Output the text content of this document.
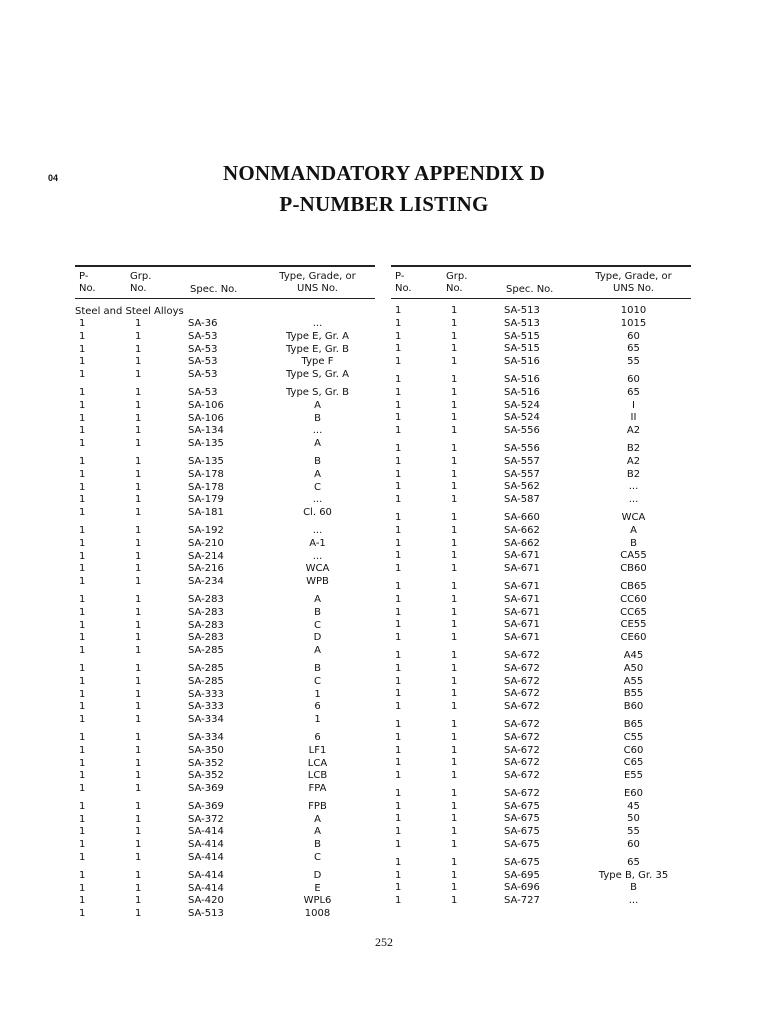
04	NONMANDATORY APPENDIX D
P-NUMBER LISTING
P-
No.
Grp.
No.	Spec. No.
Type, Grade, or
UNS No.
Steel and Steel Alloys
1	1	SA-36	...
1	1	SA-53	Type E, Gr. A
1	1	SA-53	Type E, Gr. B
1	1	SA-53	Type F
1	1	SA-53	Type S, Gr. A
1	1	SA-53	Type S, Gr. B
1	1	SA-106	A
1	1	SA-106	B
1	1	SA-134	...
1	1	SA-135	A
1	1	SA-135	B
1	1	SA-178	A
1	1	SA-178	C
1	1	SA-179	...
1	1	SA-181	Cl. 60
1	1	SA-192	...
1	1	SA-210	A-1
1	1	SA-214	...
1	1	SA-216	WCA
1	1	SA-234	WPB
1	1	SA-283	A
1	1	SA-283	B
1	1	SA-283	C
1	1	SA-283	D
1	1	SA-285	A
1	1	SA-285	B
1	1	SA-285	C
1	1	SA-333	1
1	1	SA-333	6
1	1	SA-334	1
1	1	SA-334	6
1	1	SA-350	LF1
1	1	SA-352	LCA
1	1	SA-352	LCB
1	1	SA-369	FPA
1	1	SA-369	FPB
1	1	SA-372	A
1	1	SA-414	A
1	1	SA-414	B
1	1	SA-414	C
1	1	SA-414	D
1	1	SA-414	E
1	1	SA-420	WPL6
1	1	SA-513	1008
P-
No.
Grp.
No.	Spec. No.
Type, Grade, or
UNS No.
1	1	SA-513	1010
1	1	SA-513	1015
1	1	SA-515	60
1	1	SA-515	65
1	1	SA-516	55
1	1	SA-516	60
1	1	SA-516	65
1	1	SA-524	I
1	1	SA-524	II
1	1	SA-556	A2
1	1	SA-556	B2
1	1	SA-557	A2
1	1	SA-557	B2
1	1	SA-562	...
1	1	SA-587	...
1	1	SA-660	WCA
1	1	SA-662	A
1	1	SA-662	B
1	1	SA-671	CA55
1	1	SA-671	CB60
1	1	SA-671	CB65
1	1	SA-671	CC60
1	1	SA-671	CC65
1	1	SA-671	CE55
1	1	SA-671	CE60
1	1	SA-672	A45
1	1	SA-672	A50
1	1	SA-672	A55
1	1	SA-672	B55
1	1	SA-672	B60
1	1	SA-672	B65
1	1	SA-672	C55
1	1	SA-672	C60
1	1	SA-672	C65
1	1	SA-672	E55
1	1	SA-672	E60
1	1	SA-675	45
1	1	SA-675	50
1	1	SA-675	55
1	1	SA-675	60
1	1	SA-675	65
1	1	SA-695	Type B, Gr. 35
1	1	SA-696	B
1	1	SA-727	...
252
